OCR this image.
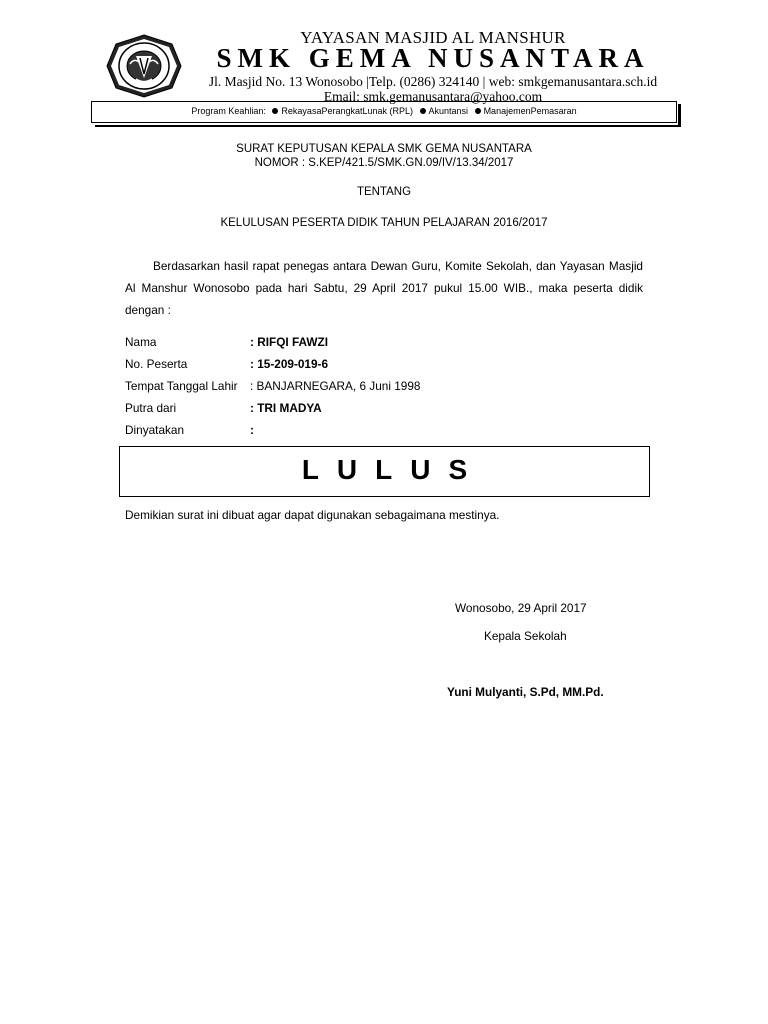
YAYASAN MASJID AL MANSHUR
SMK GEMA NUSANTARA
Jl. Masjid No. 13 Wonosobo |Telp. (0286) 324140 | web: smkgemanusantara.sch.id
Email: smk.gemanusantara@yahoo.com
Program Keahlian: RekayasaPerangkatLunak (RPL) Akuntansi ManajemenPemasaran
SURAT KEPUTUSAN KEPALA SMK GEMA NUSANTARA
NOMOR : S.KEP/421.5/SMK.GN.09/IV/13.34/2017
TENTANG
KELULUSAN PESERTA DIDIK TAHUN PELAJARAN 2016/2017
Berdasarkan hasil rapat penegas antara Dewan Guru, Komite Sekolah, dan Yayasan Masjid Al Manshur Wonosobo pada hari Sabtu, 29 April 2017 pukul 15.00 WIB., maka peserta didik dengan :
Nama	: RIFQI FAWZI
No. Peserta	: 15-209-019-6
Tempat Tanggal Lahir : BANJARNEGARA, 6 Juni 1998
Putra dari	: TRI MADYA
Dinyatakan	:
LULUS
Demikian surat ini dibuat agar dapat digunakan sebagaimana mestinya.
Wonosobo, 29 April 2017
Kepala Sekolah
Yuni Mulyanti, S.Pd, MM.Pd.
